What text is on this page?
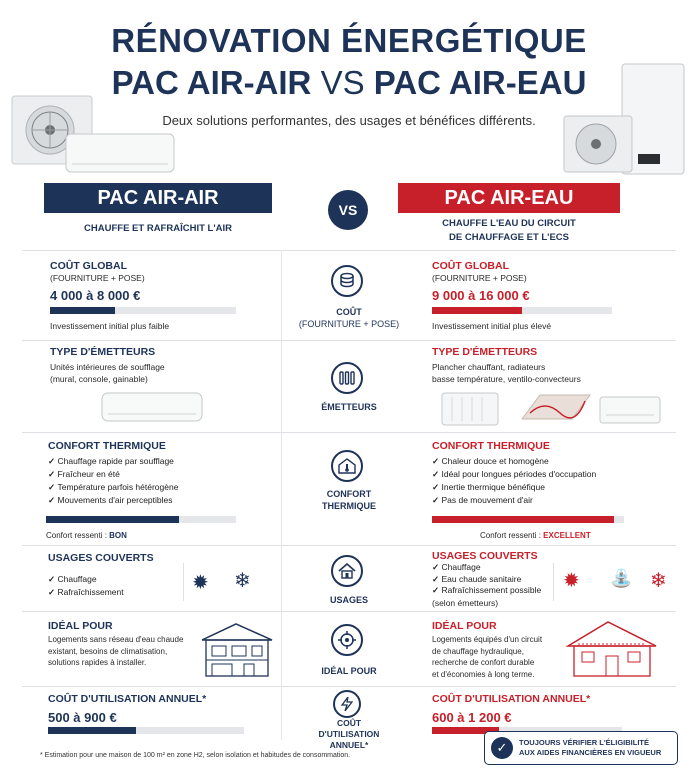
RÉNOVATION ÉNERGÉTIQUE
PAC AIR-AIR VS PAC AIR-EAU
Deux solutions performantes, des usages et bénéfices différents.
PAC AIR-AIR	PAC AIR-EAU
VS
CHAUFFE ET RAFRAÎCHIT L'AIR	CHAUFFE L'EAU DU CIRCUIT
DE CHAUFFAGE ET L'ECS
COÛT GLOBAL
(FOURNITURE + POSE)
4 000 à 8 000 €
Investissement initial plus faible
COÛT
(FOURNITURE + POSE)
COÛT GLOBAL
(FOURNITURE + POSE)
9 000 à 16 000 €
Investissement initial plus élevé
TYPE D'ÉMETTEURS
Unités intérieures de soufflage
(mural, console, gainable)
ÉMETTEURS
TYPE D'ÉMETTEURS
Plancher chauffant, radiateurs
basse température, ventilo-convecteurs
CONFORT THERMIQUE
✓ Chauffage rapide par soufflage
✓ Fraîcheur en été
✓ Température parfois hétérogène
✓ Mouvements d'air perceptibles
Confort ressenti : BON
CONFORT
THERMIQUE
CONFORT THERMIQUE
✓ Chaleur douce et homogène
✓ Idéal pour longues périodes d'occupation
✓ Inertie thermique bénéfique
✓ Pas de mouvement d'air
Confort ressenti : EXCELLENT
USAGES COUVERTS
✓ Chauffage
✓ Rafraîchissement	✹ ❄
USAGES
USAGES COUVERTS
✓ Chauffage
✓ Eau chaude sanitaire
✓ Rafraîchissement possible
(selon émetteurs)
✹ ⛲ ❄
IDÉAL POUR
Logements sans réseau d'eau chaude
existant, besoins de climatisation,
solutions rapides à installer.
IDÉAL POUR
IDÉAL POUR
Logements équipés d'un circuit
de chauffage hydraulique,
recherche de confort durable
et d'économies à long terme.
COÛT D'UTILISATION ANNUEL*
500 à 900 €	COÛT
D'UTILISATION
ANNUEL*
COÛT D'UTILISATION ANNUEL*
600 à 1 200 €
✓	TOUJOURS VÉRIFIER L'ÉLIGIBILITÉ
AUX AIDES FINANCIÈRES EN VIGUEUR
* Estimation pour une maison de 100 m² en zone H2, selon isolation et habitudes de consommation.
